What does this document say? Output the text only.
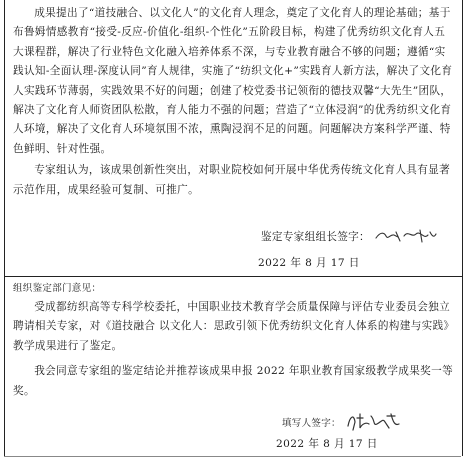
成果提出了“道技融合、以文化人”的文化育人理念，奠定了文化育人的理论基础；基于布鲁姆情感教育“接受-反应-价值化-组织-个性化”五阶段目标，构建了优秀纺织文化育人五大课程群，解决了行业特色文化融入培养体系不深，与专业教育融合不够的问题；遵循“实践认知-全面认理-深度认同”育人规律，实施了“纺织文化+”实践育人新方法，解决了文化育人实践环节薄弱，实践效果不好的问题；创建了校党委书记领衔的德技双馨“大先生”团队，解决了文化育人师资团队松散，育人能力不强的问题；营造了“立体浸润”的优秀纺织文化育人环境，解决了文化育人环境氛围不浓，熏陶浸润不足的问题。问题解决方案科学严谨、特色鲜明、针对性强。

专家组认为，该成果创新性突出，对职业院校如何开展中华优秀传统文化育人具有显著示范作用，成果经验可复制、可推广。

鉴定专家组组长签字：
2022 年 8 月 17 日
组织鉴定部门意见：

受成都纺织高等专科学校委托，中国职业技术教育学会质量保障与评估专业委员会独立聘请相关专家，对《道技融合 以文化人：思政引领下优秀纺织文化育人体系的构建与实践》教学成果进行了鉴定。

我会同意专家组的鉴定结论并推荐该成果申报 2022 年职业教育国家级教学成果奖一等奖。

填写人签字：
2022 年 8 月 17 日
